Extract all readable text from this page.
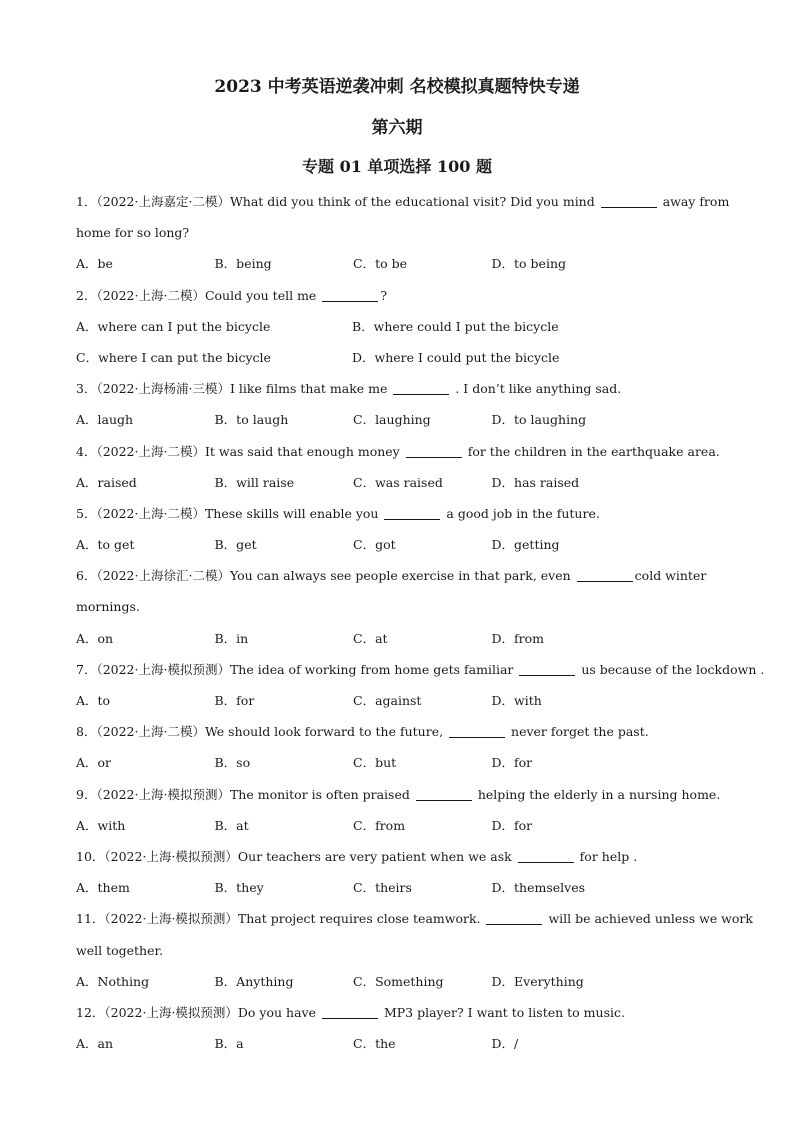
2023 中考英语逆袭冲刺 名校模拟真题特快专递
第六期
专题 01 单项选择 100 题
1．（2022·上海嘉定·二模）What did you think of the educational visit? Did you mind	away from
home for so long?
A．be	B．being	C．to be	D．to being
2．（2022·上海·二模）Could you tell me	?
A．where can I put the bicycle	B．where could I put the bicycle
C．where I can put the bicycle	D．where I could put the bicycle
3．（2022·上海杨浦·三模）I like films that make me	. I don’t like anything sad.
A．laugh	B．to laugh	C．laughing	D．to laughing
4．（2022·上海·二模）It was said that enough money	for the children in the earthquake area.
A．raised	B．will raise	C．was raised	D．has raised
5．（2022·上海·二模）These skills will enable you	a good job in the future.
A．to get	B．get	C．got	D．getting
6．（2022·上海徐汇·二模）You can always see people exercise in that park, even	cold winter
mornings.
A．on	B．in	C．at	D．from
7．（2022·上海·模拟预测）The idea of working from home gets familiar	us because of the lockdown .
A．to	B．for	C．against	D．with
8．（2022·上海·二模）We should look forward to the future,	never forget the past.
A．or	B．so	C．but	D．for
9．（2022·上海·模拟预测）The monitor is often praised	helping the elderly in a nursing home.
A．with	B．at	C．from	D．for
10．（2022·上海·模拟预测）Our teachers are very patient when we ask	for help .
A．them	B．they	C．theirs	D．themselves
11．（2022·上海·模拟预测）That project requires close teamwork.	will be achieved unless we work
well together.
A．Nothing	B．Anything	C．Something	D．Everything
12．（2022·上海·模拟预测）Do you have	MP3 player? I want to listen to music.
A．an	B．a	C．the	D．/
